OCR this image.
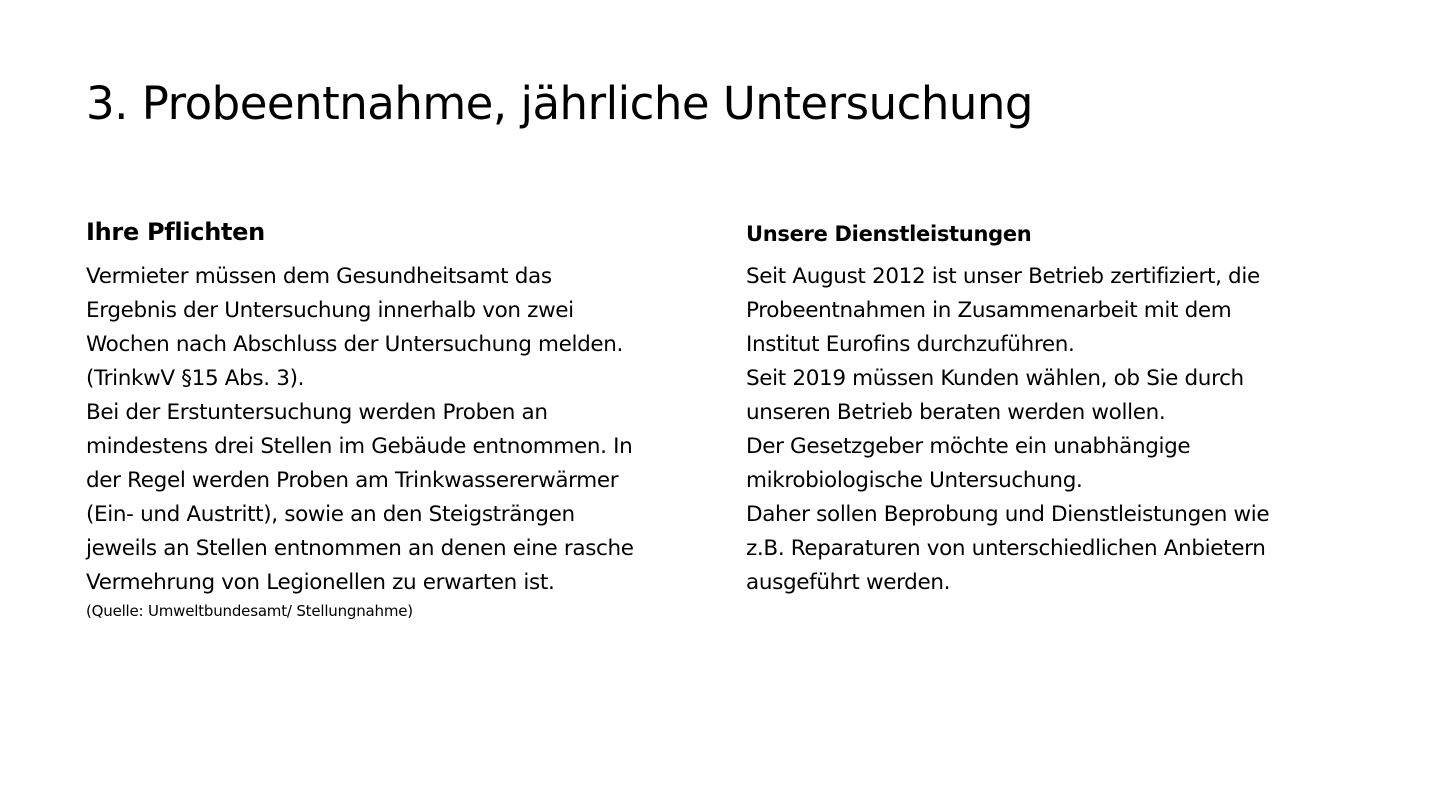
3. Probeentnahme, jährliche Untersuchung
Ihre Pflichten

Vermieter müssen dem Gesundheitsamt das
Ergebnis der Untersuchung innerhalb von zwei
Wochen nach Abschluss der Untersuchung melden.
(TrinkwV §15 Abs. 3).

Bei der Erstuntersuchung werden Proben an
mindestens drei Stellen im Gebäude entnommen. In
der Regel werden Proben am Trinkwassererwärmer
(Ein- und Austritt), sowie an den Steigsträngen
jeweils an Stellen entnommen an denen eine rasche
Vermehrung von Legionellen zu erwarten ist.

(Quelle: Umweltbundesamt/ Stellungnahme)

Unsere Dienstleistungen

Seit August 2012 ist unser Betrieb zertifiziert, die
Probeentnahmen in Zusammenarbeit mit dem
Institut Eurofins durchzuführen.

Seit 2019 müssen Kunden wählen, ob Sie durch
unseren Betrieb beraten werden wollen.

Der Gesetzgeber möchte ein unabhängige
mikrobiologische Untersuchung.

Daher sollen Beprobung und Dienstleistungen wie
z.B. Reparaturen von unterschiedlichen Anbietern
ausgeführt werden.
